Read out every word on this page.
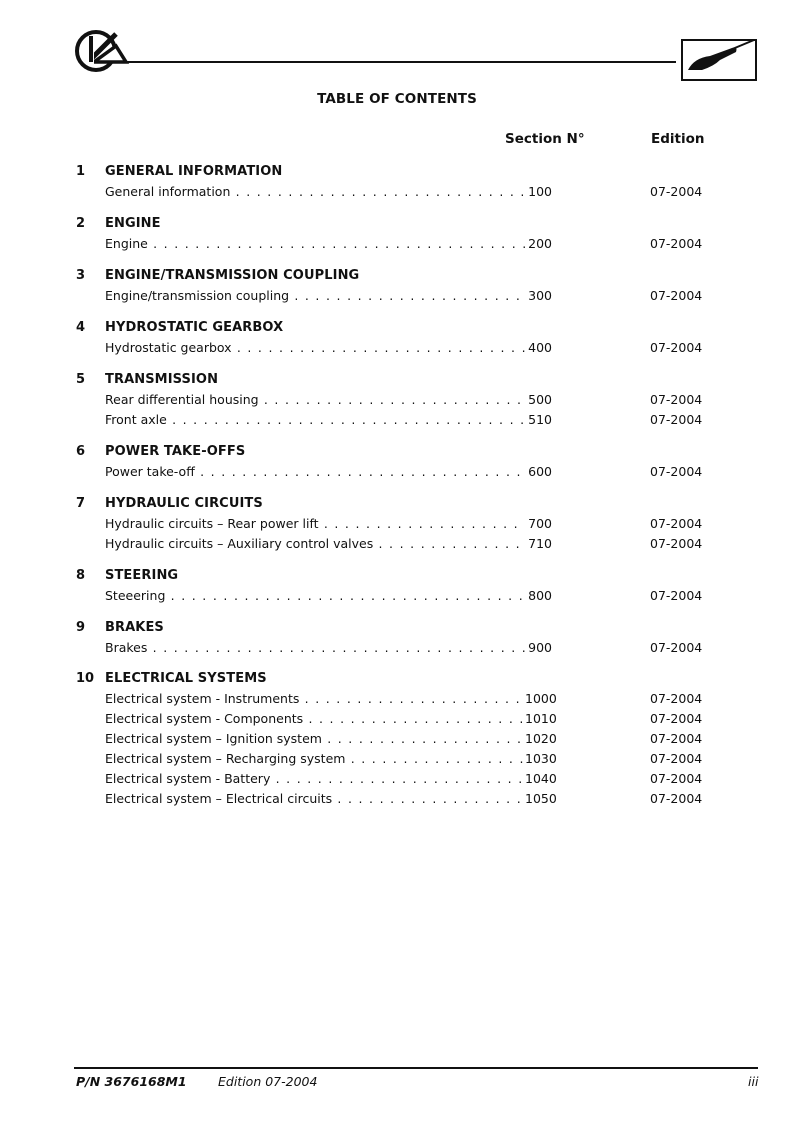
TABLE OF CONTENTS
Section N°	Edition
1 GENERAL INFORMATION
General information . . .	100	07-2004
2 ENGINE
Engine . . .	200	07-2004
3 ENGINE/TRANSMISSION COUPLING
Engine/transmission coupling . . .	300	07-2004
4 HYDROSTATIC GEARBOX
Hydrostatic gearbox . . .	400	07-2004
5 TRANSMISSION
Rear differential housing . . .	500	07-2004
Front axle . . .	510	07-2004
6 POWER TAKE-OFFS
Power take-off . . .	600	07-2004
7 HYDRAULIC CIRCUITS
Hydraulic circuits – Rear power lift . . .	700	07-2004
Hydraulic circuits – Auxiliary control valves . . .	710	07-2004
8 STEERING
Steeering . . .	800	07-2004
9 BRAKES
Brakes . . .	900	07-2004
10 ELECTRICAL SYSTEMS
Electrical system - Instruments . . .	1000	07-2004
Electrical system - Components . . .	1010	07-2004
Electrical system – Ignition system . . .	1020	07-2004
Electrical system – Recharging system . . .	1030	07-2004
Electrical system - Battery . . .	1040	07-2004
Electrical system – Electrical circuits . . .	1050	07-2004
P/N 3676168M1	Edition 07-2004	iii
